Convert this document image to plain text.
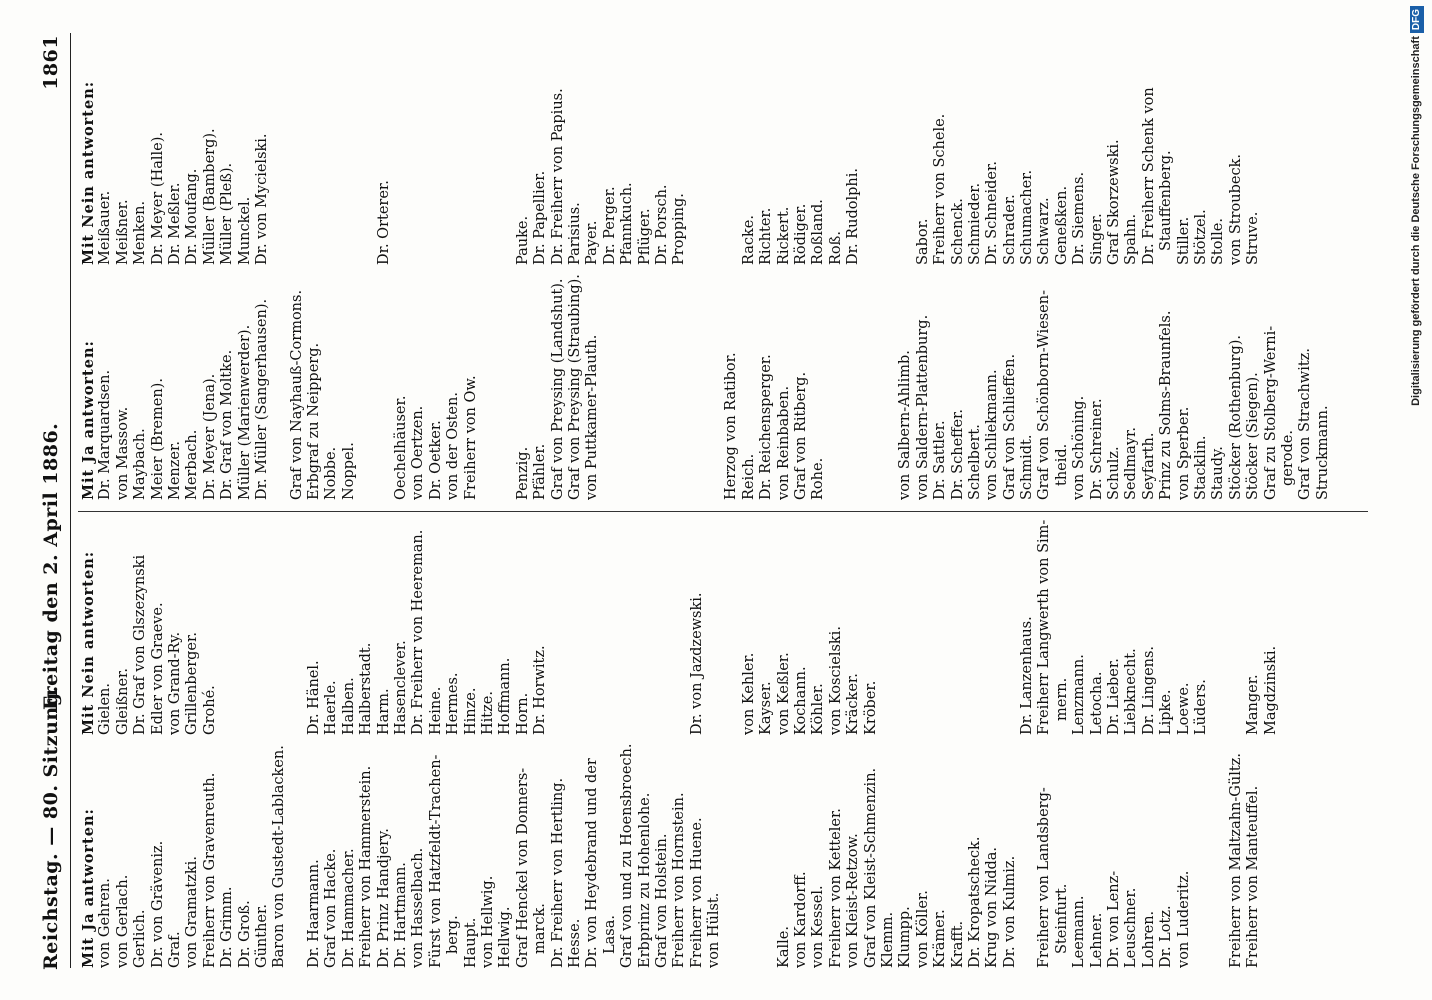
Reichstag. — 80. Sitzung.
Freitag den 2. April 1886.
1861
Mit Ja antworten: von Gehren. von Gerlach. Gerlich. Dr. von Gräveniz. Graf. von Gramatzki. Freiherr von Gravenreuth. Dr. Grimm. Dr. Groß. Günther. Baron von Gustedt-Lablacken. Dr. Haarmann. Graf von Hacke. Dr. Hammacher. Freiherr von Hammerstein. Dr. Prinz Handjery. Dr. Hartmann. von Hasselbach. Fürst von Hatzfeldt-Trachen- berg. Haupt. von Hellwig. Hellwig. Graf Henckel von Donners- marck. Dr. Freiherr von Hertling. Hesse. Dr. von Heydebrand und der Lasa. Graf von und zu Hoensbroech. Erbprinz zu Hohenlohe. Graf von Holstein. Freiherr von Hornstein. Freiherr von Huene. von Hülst.	Kalle. von Kardorff. von Kessel. Freiherr von Ketteler. von Kleist-Retzow. Graf von Kleist-Schmenzin. Klemm. Klumpp. von Köller. Krämer. Krafft. Dr. Kropatscheck. Krug von Nidda. Dr. von Kulmiz. Freiherr von Landsberg- Steinfurt. Leemann. Lehner. Dr. von Lenz- Leuschner. Lohren. Dr. Lotz. von Luderitz. Freiherr von Maltzahn-Gültz. Freiherr von Manteuffel.
Mit Nein antworten: Gielen. Gleißner. Dr. Graf von Glszezynski Edler von Graeve. von Grand-Ry. Grillenberger. Grohé.	Dr. Hänel. Haerle. Halben. Halberstadt. Harm. Hasenclever. Dr. Freiherr von Heereman. Heine. Hermes. Hinze. Hitze. Hoffmann. Horn. Dr. Horwitz.	Dr. von Jazdzewski. von Kehler. Kayser. von Keßler. Kochann. Köhler. von Koscielski. Kräcker. Kröber.	Dr. Lanzenhaus. Freiherr Langwerth von Sim- mern. Lenzmann. Letocha. Dr. Lieber. Liebknecht. Dr. Lingens. Lipke. Loewe. Lüders. Manger. Magdzinski.
Mit Ja antworten: Dr. Marquardsen. von Massow. Maybach. Meier (Bremen). Menzer. Merbach. Dr. Meyer (Jena). Dr. Graf von Moltke. Müller (Marienwerder). Dr. Müller (Sangerhausen). Graf von Nayhauß-Cormons. Erbgraf zu Neipperg. Nobbe. Noppel. Oechelhäuser. von Oertzen. Dr. Oetker. von der Osten. Freiherr von Ow. Penzig. Pfähler. Graf von Preysing (Landshut). Graf von Preysing (Straubing). von Puttkamer-Plauth.	Herzog von Ratibor. Reich. Dr. Reichensperger. von Reinbaben. Graf von Ritberg. Rohe.	von Salbern-Ahlimb. von Saldern-Plattenburg. Dr. Sattler. Dr. Scheffer. Schelbert. von Schliekmann. Graf von Schlieffen. Schmidt. Graf von Schönborn-Wiesen- theid. von Schöning. Dr. Schreiner. Schulz. Sedlmayr. Seyfarth. Prinz zu Solms-Braunfels. von Sperber. Stacklin. Staudy. Stöcker (Rothenburg). Stöcker (Siegen). Graf zu Stolberg-Werni- gerode. Graf von Strachwitz. Struckmann.
Mit Nein antworten: Meißauer. Meißner. Menken. Dr. Meyer (Halle). Dr. Meßler. Dr. Moufang. Müller (Bamberg). Müller (Pleß). Munckel. Dr. von Mycielski.	Dr. Orterer.	Pauke. Dr. Papellier. Dr. Freiherr von Papius. Parisius. Payer. Dr. Perger. Pfannkuch. Pflüger. Dr. Porsch. Propping.	Racke. Richter. Rickert. Rödiger. Roßland. Roß. Dr. Rudolphi.	Sabor. Freiherr von Schele. Schenck. Schmieder. Dr. Schneider. Schrader. Schumacher. Schwarz. Geneßken. Dr. Siemens. Singer. Graf Skorzewski. Spahn. Dr. Freiherr Schenk von Stauffenberg. Stiller. Stötzel. Stolle. von Stroubeck. Struve.	Digitalisierung gefördert durch die Deutsche ForschungsgemeinschaftDFG
